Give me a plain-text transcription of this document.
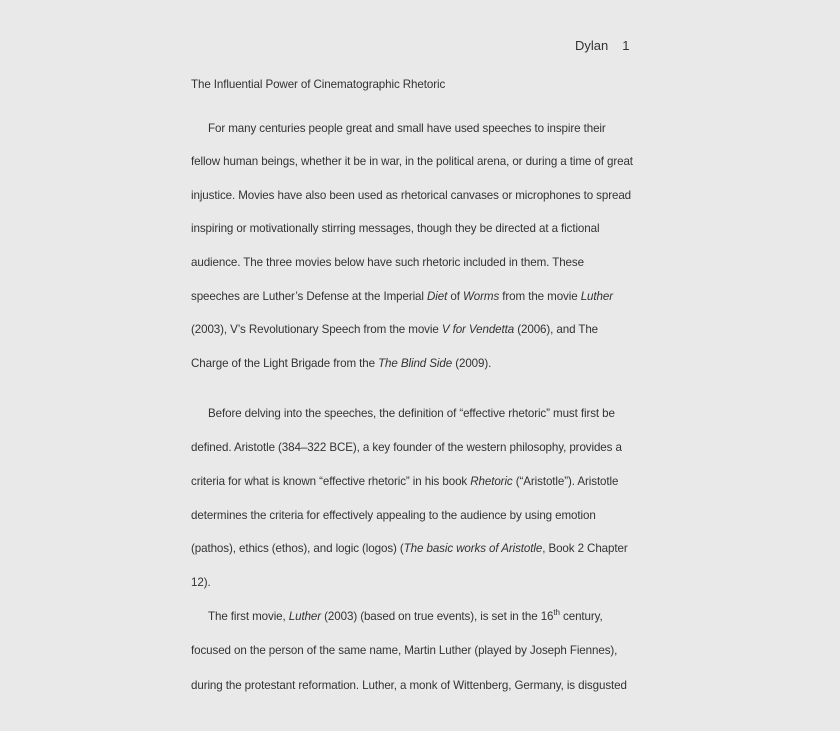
Dylan 1
The Influential Power of Cinematographic Rhetoric
For many centuries people great and small have used speeches to inspire their
fellow human beings, whether it be in war, in the political arena, or during a time of great
injustice. Movies have also been used as rhetorical canvases or microphones to spread
inspiring or motivationally stirring messages, though they be directed at a fictional
audience. The three movies below have such rhetoric included in them. These
speeches are Luther’s Defense at the Imperial Diet of Worms from the movie Luther
(2003), V’s Revolutionary Speech from the movie V for Vendetta (2006), and The
Charge of the Light Brigade from the The Blind Side (2009).
Before delving into the speeches, the definition of “effective rhetoric” must first be
defined. Aristotle (384–322 BCE), a key founder of the western philosophy, provides a
criteria for what is known “effective rhetoric” in his book Rhetoric (“Aristotle”). Aristotle
determines the criteria for effectively appealing to the audience by using emotion
(pathos), ethics (ethos), and logic (logos) (The basic works of Aristotle, Book 2 Chapter
12).
The first movie, Luther (2003) (based on true events), is set in the 16th century,
focused on the person of the same name, Martin Luther (played by Joseph Fiennes),
during the protestant reformation. Luther, a monk of Wittenberg, Germany, is disgusted
